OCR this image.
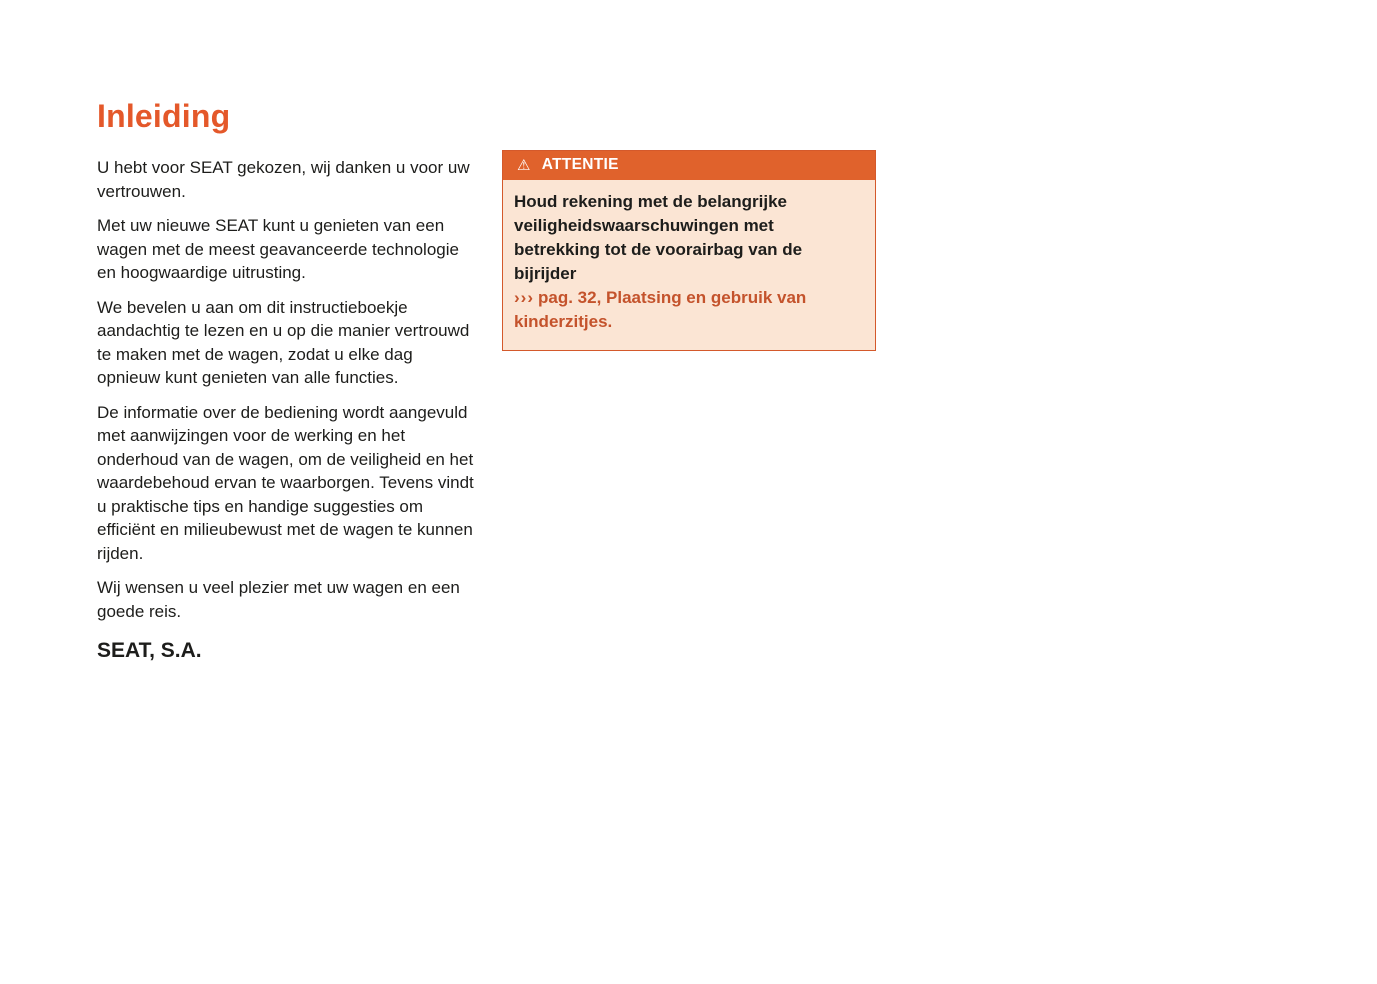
Inleiding

U hebt voor SEAT gekozen, wij danken u voor uw vertrouwen.

Met uw nieuwe SEAT kunt u genieten van een wagen met de meest geavanceerde technologie en hoogwaardige uitrusting.

We bevelen u aan om dit instructieboekje aandachtig te lezen en u op die manier vertrouwd te maken met de wagen, zodat u elke dag opnieuw kunt genieten van alle functies.

De informatie over de bediening wordt aangevuld met aanwijzingen voor de werking en het onderhoud van de wagen, om de veiligheid en het waardebehoud ervan te waarborgen. Tevens vindt u praktische tips en handige suggesties om efficiënt en milieubewust met de wagen te kunnen rijden.

Wij wensen u veel plezier met uw wagen en een goede reis.

SEAT, S.A.
⚠ ATTENTIE
Houd rekening met de belangrijke veiligheidswaarschuwingen met betrekking tot de voorairbag van de bijrijder
››› pag. 32, Plaatsing en gebruik van kinderzitjes.
